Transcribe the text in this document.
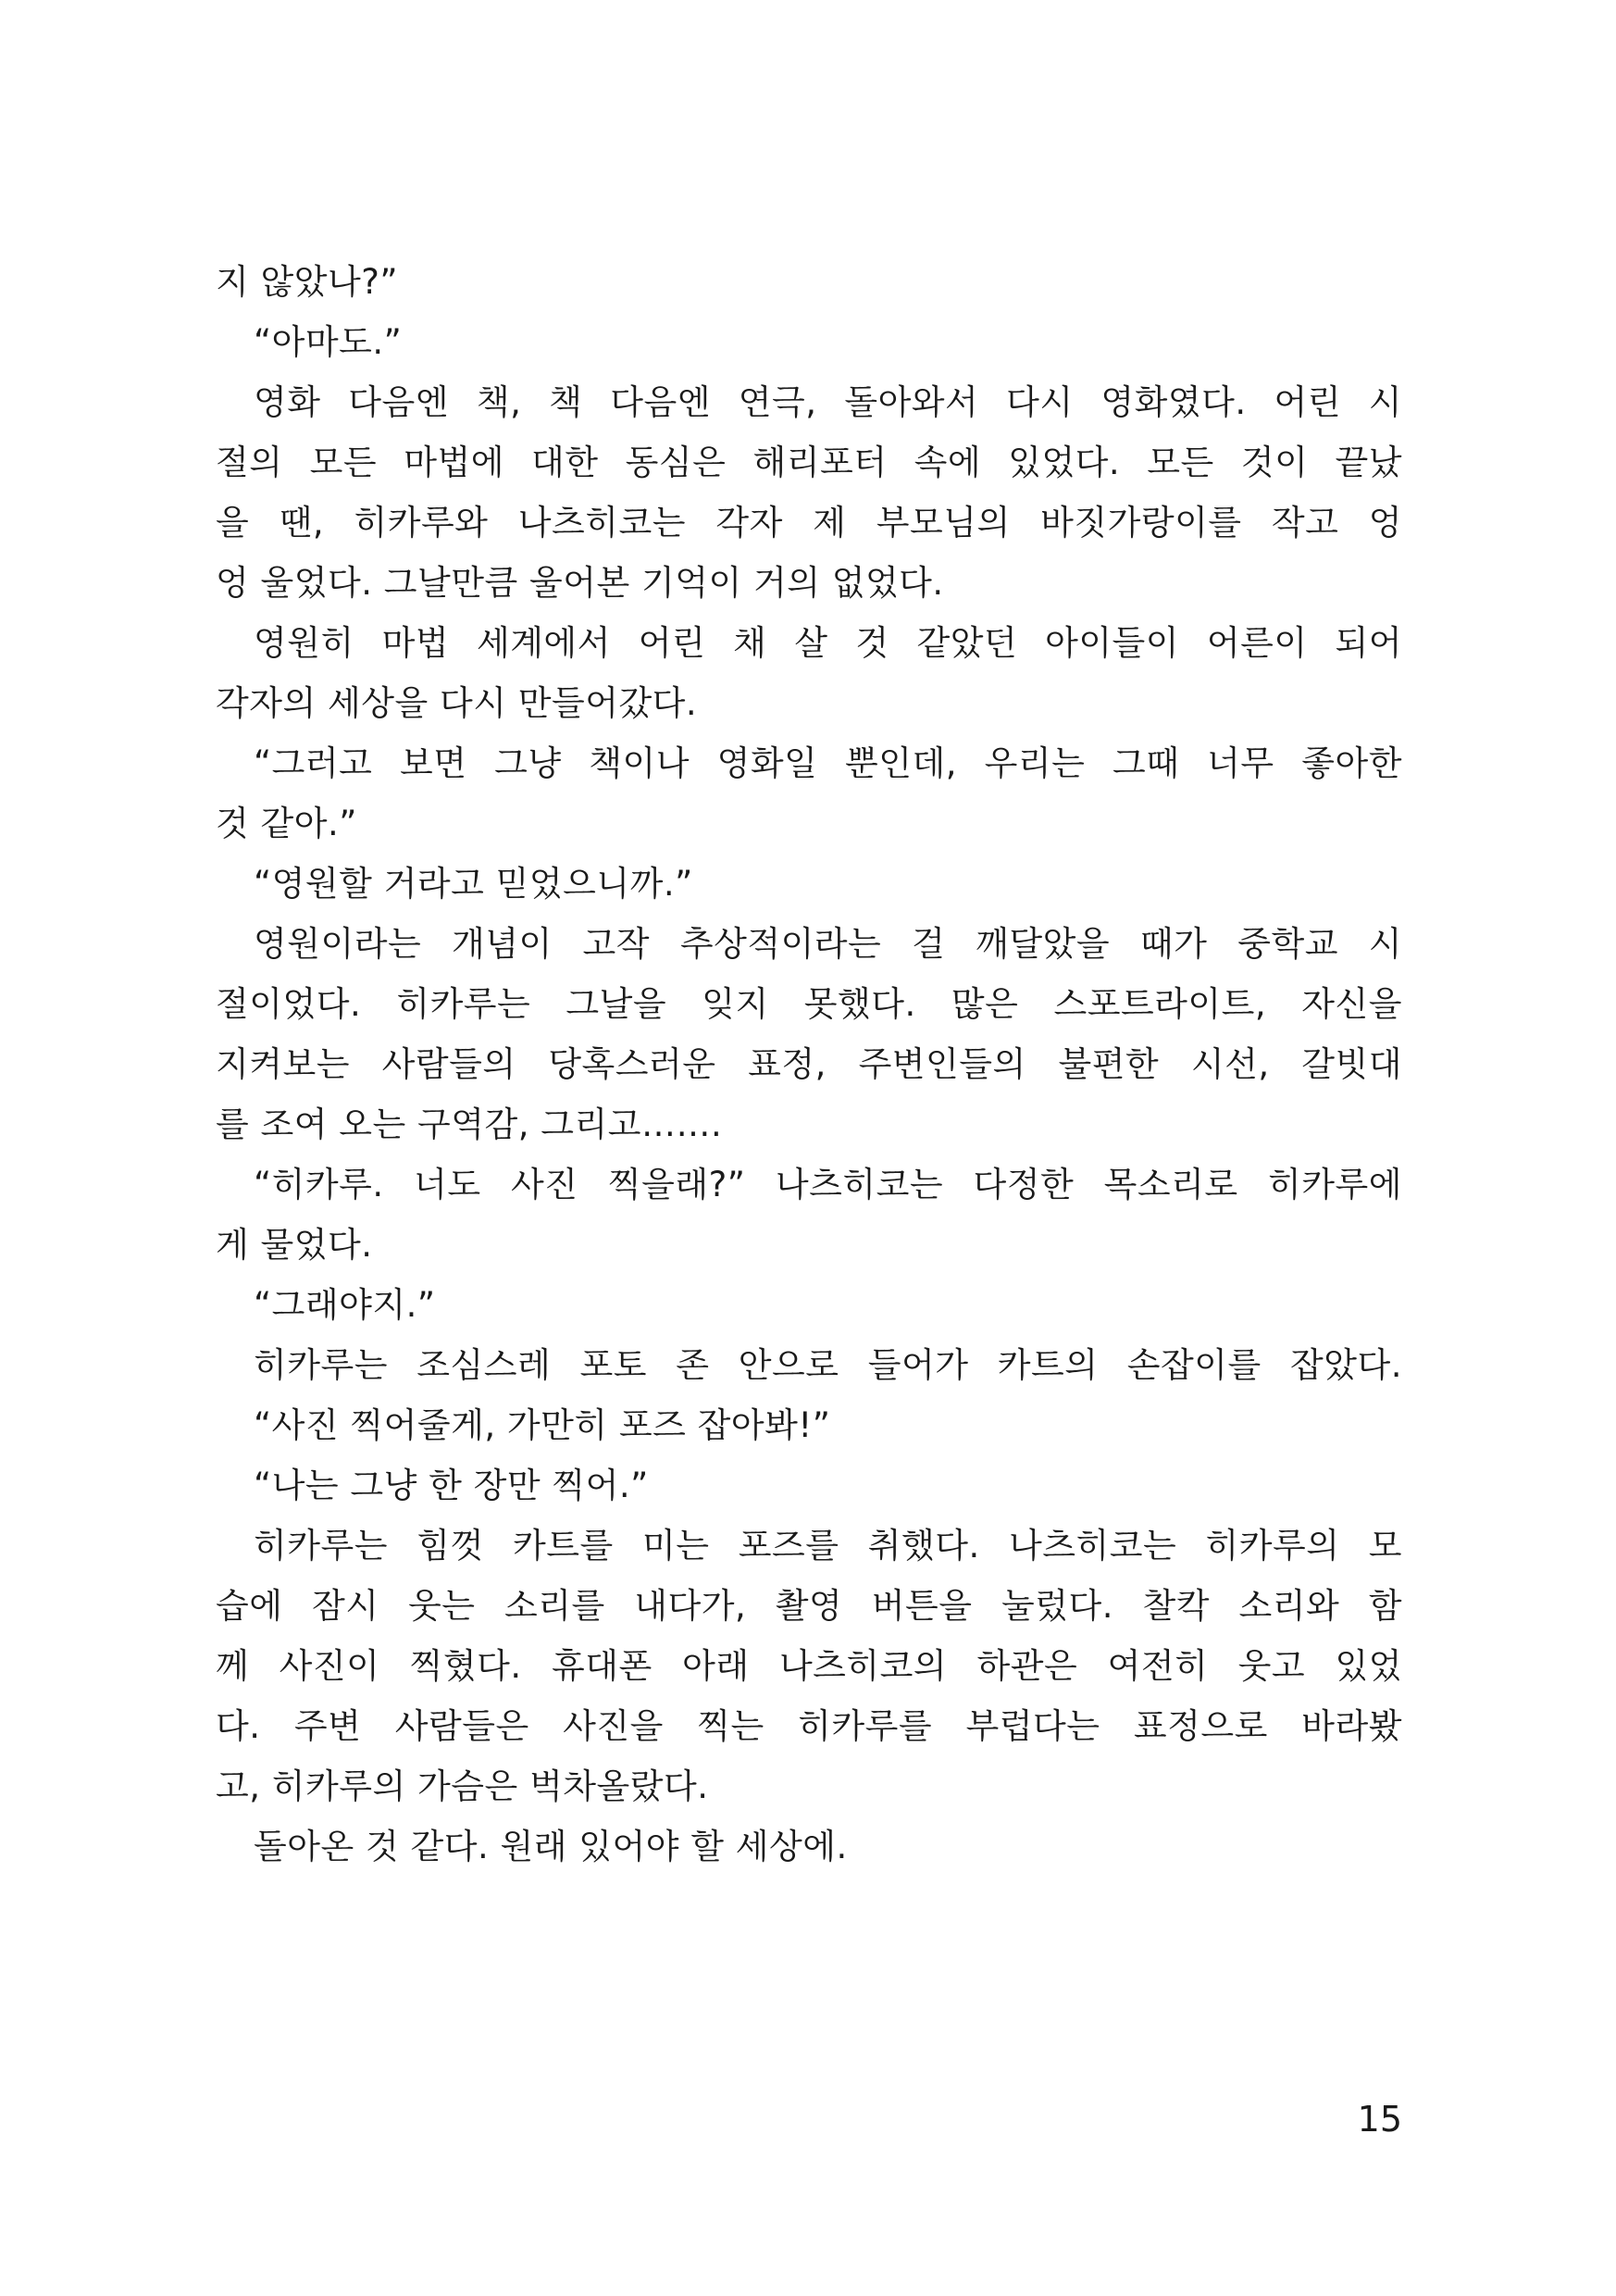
지 않았나?”
“아마도.”
영화 다음엔 책, 책 다음엔 연극, 돌아와서 다시 영화였다. 어린 시
절의 모든 마법에 대한 동심은 해리포터 속에 있었다. 모든 것이 끝났
을 땐, 히카루와 나츠히코는 각자 제 부모님의 바짓가랑이를 작고 엉
엉 울었다. 그날만큼 울어본 기억이 거의 없었다.
영원히 마법 세계에서 어린 채 살 것 같았던 아이들이 어른이 되어
각자의 세상을 다시 만들어갔다.
“그러고 보면 그냥 책이나 영화일 뿐인데, 우리는 그때 너무 좋아한
것 같아.”
“영원할 거라고 믿었으니까.”
영원이라는 개념이 고작 추상적이라는 걸 깨달았을 때가 중학교 시
절이었다. 히카루는 그날을 잊지 못했다. 많은 스포트라이트, 자신을
지켜보는 사람들의 당혹스러운 표정, 주변인들의 불편한 시선, 갈빗대
를 조여 오는 구역감, 그리고…….
“히카루. 너도 사진 찍을래?” 나츠히코는 다정한 목소리로 히카루에
게 물었다.
“그래야지.”
히카루는 조심스레 포토 존 안으로 들어가 카트의 손잡이를 잡았다.
“사진 찍어줄게, 가만히 포즈 잡아봐!”
“나는 그냥 한 장만 찍어.”
히카루는 힘껏 카트를 미는 포즈를 취했다. 나츠히코는 히카루의 모
습에 잠시 웃는 소리를 내다가, 촬영 버튼을 눌렀다. 찰칵 소리와 함
께 사진이 찍혔다. 휴대폰 아래 나츠히코의 하관은 여전히 웃고 있었
다. 주변 사람들은 사진을 찍는 히카루를 부럽다는 표정으로 바라봤
고, 히카루의 가슴은 벅차올랐다.
돌아온 것 같다. 원래 있어야 할 세상에.
15
